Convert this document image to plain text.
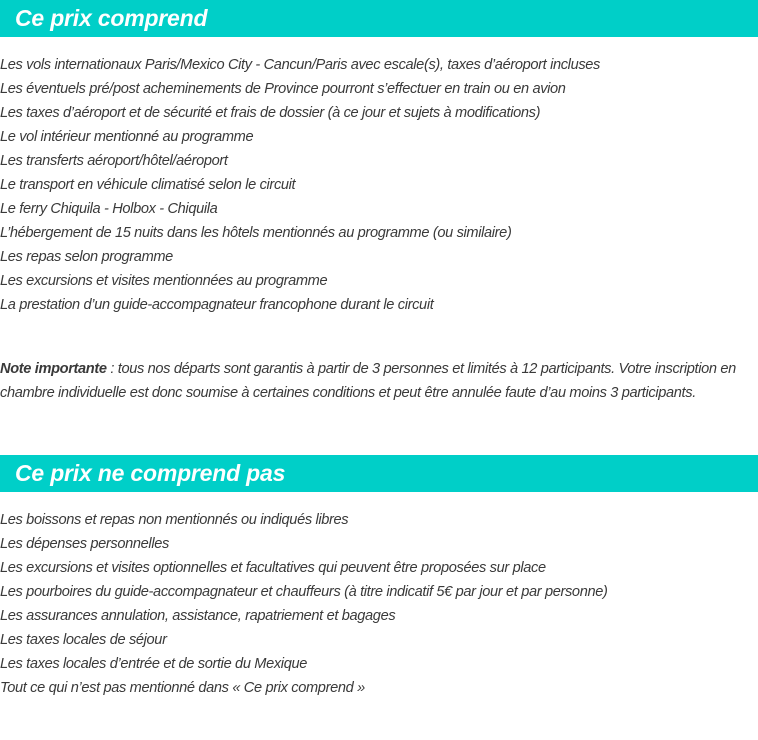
Ce prix comprend
Les vols internationaux Paris/Mexico City - Cancun/Paris avec escale(s), taxes d’aéroport incluses
Les éventuels pré/post acheminements de Province pourront s’effectuer en train ou en avion
Les taxes d’aéroport et de sécurité et frais de dossier (à ce jour et sujets à modifications)
Le vol intérieur mentionné au programme
Les transferts aéroport/hôtel/aéroport
Le transport en véhicule climatisé selon le circuit
Le ferry Chiquila - Holbox - Chiquila
L’hébergement de 15 nuits dans les hôtels mentionnés au programme (ou similaire)
Les repas selon programme
Les excursions et visites mentionnées au programme
La prestation d’un guide-accompagnateur francophone durant le circuit

Note importante : tous nos départs sont garantis à partir de 3 personnes et limités à 12 participants. Votre inscription en chambre individuelle est donc soumise à certaines conditions et peut être annulée faute d’au moins 3 participants.

Ce prix ne comprend pas
Les boissons et repas non mentionnés ou indiqués libres
Les dépenses personnelles
Les excursions et visites optionnelles et facultatives qui peuvent être proposées sur place
Les pourboires du guide-accompagnateur et chauffeurs (à titre indicatif 5€ par jour et par personne)
Les assurances annulation, assistance, rapatriement et bagages
Les taxes locales de séjour
Les taxes locales d’entrée et de sortie du Mexique
Tout ce qui n’est pas mentionné dans « Ce prix comprend »
